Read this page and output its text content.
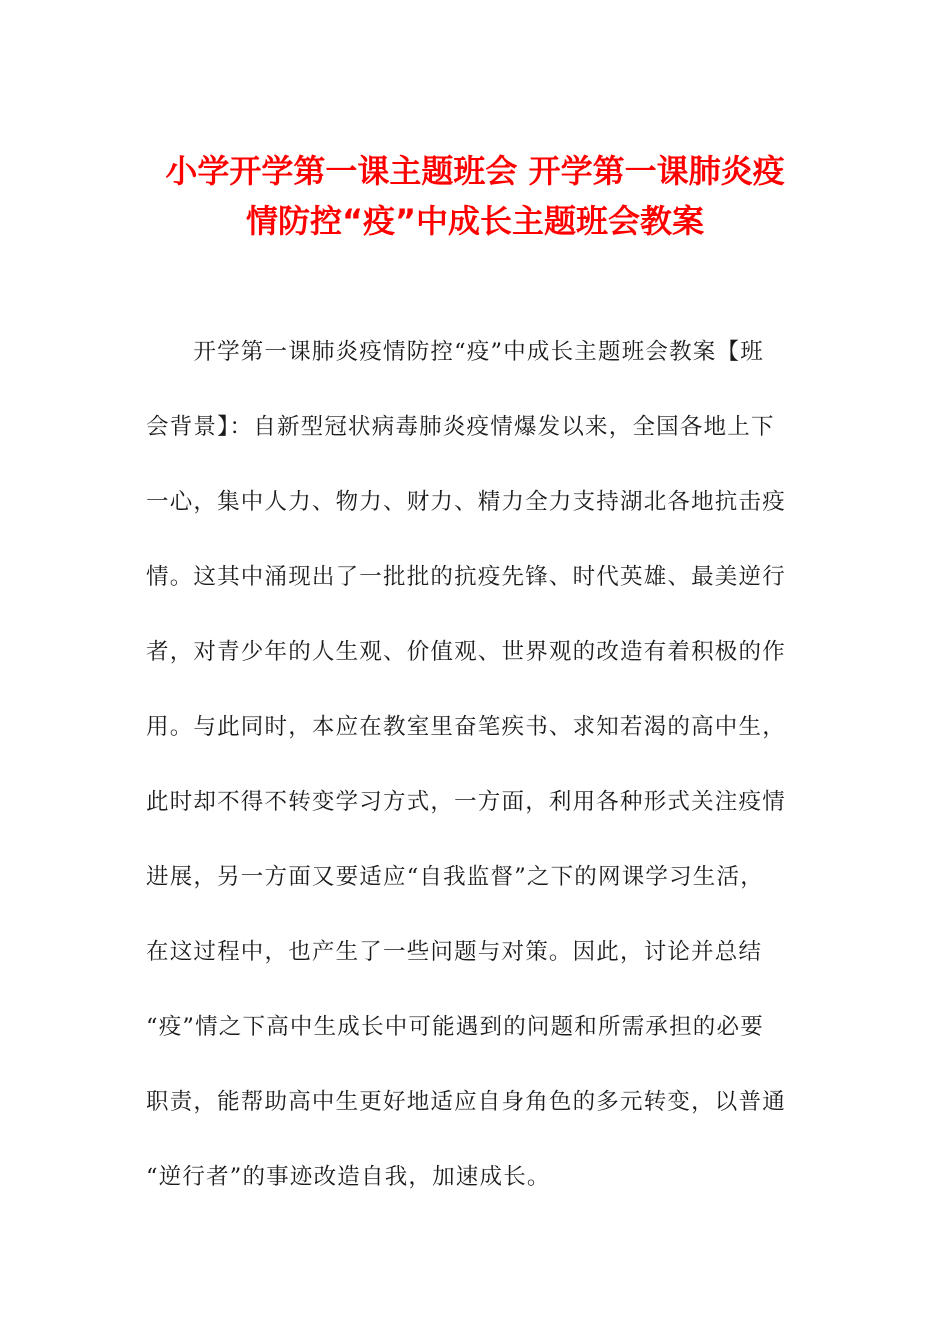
小学开学第一课主题班会 开学第一课肺炎疫
情防控“疫”中成长主题班会教案
　　开学第一课肺炎疫情防控“疫”中成长主题班会教案【班
会背景】：自新型冠状病毒肺炎疫情爆发以来，全国各地上下
一心，集中人力、物力、财力、精力全力支持湖北各地抗击疫
情。这其中涌现出了一批批的抗疫先锋、时代英雄、最美逆行
者，对青少年的人生观、价值观、世界观的改造有着积极的作
用。与此同时，本应在教室里奋笔疾书、求知若渴的高中生，
此时却不得不转变学习方式，一方面，利用各种形式关注疫情
进展，另一方面又要适应“自我监督”之下的网课学习生活，
在这过程中，也产生了一些问题与对策。因此，讨论并总结
“疫”情之下高中生成长中可能遇到的问题和所需承担的必要
职责，能帮助高中生更好地适应自身角色的多元转变，以普通
“逆行者”的事迹改造自我，加速成长。
